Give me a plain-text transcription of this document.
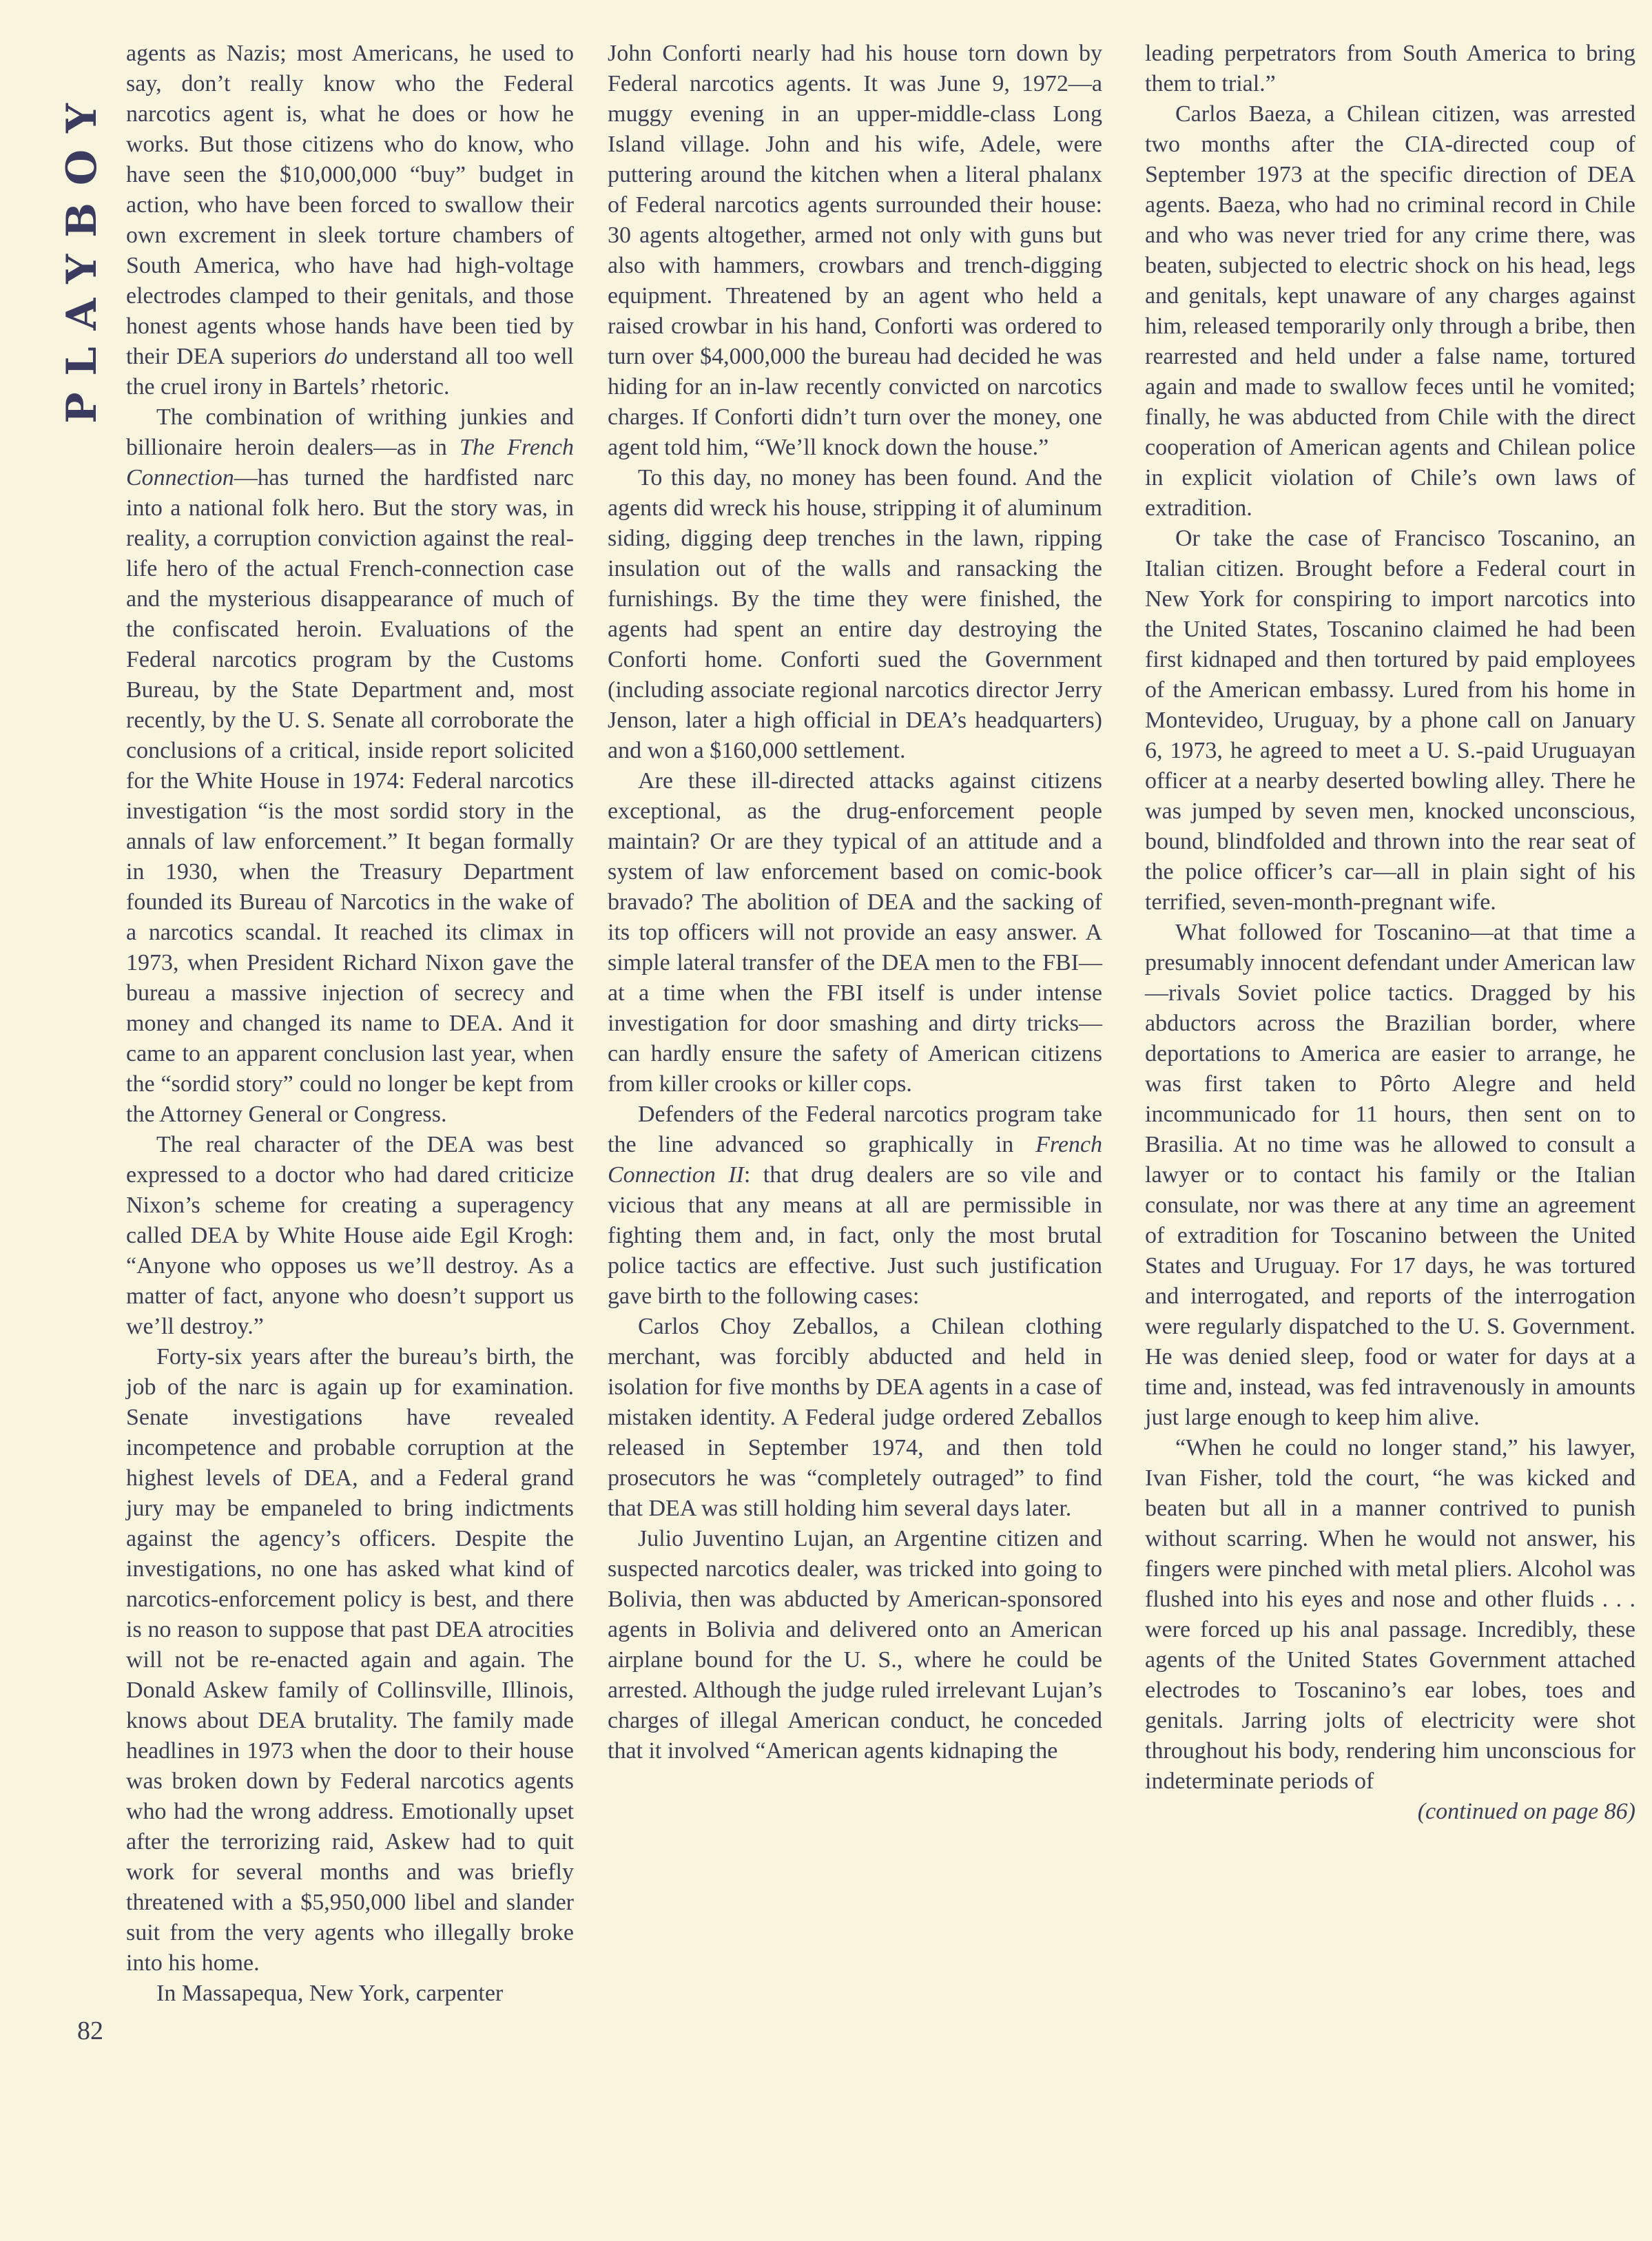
PLAYBOY
82

agents as Nazis; most Americans, he used to say, don’t really know who the Federal narcotics agent is, what he does or how he works. But those citizens who do know, who have seen the $10,000,000 “buy” budget in action, who have been forced to swallow their own excrement in sleek torture chambers of South America, who have had high-voltage electrodes clamped to their genitals, and those honest agents whose hands have been tied by their DEA superiors do understand all too well the cruel irony in Bartels’ rhetoric.

The combination of writhing junkies and billionaire heroin dealers—as in The French Connection—has turned the hardfisted narc into a national folk hero. But the story was, in reality, a corruption conviction against the real-life hero of the actual French-connection case and the mysterious disappearance of much of the confiscated heroin. Evaluations of the Federal narcotics program by the Customs Bureau, by the State Department and, most recently, by the U. S. Senate all corroborate the conclusions of a critical, inside report solicited for the White House in 1974: Federal narcotics investigation “is the most sordid story in the annals of law enforcement.” It began formally in 1930, when the Treasury Department founded its Bureau of Narcotics in the wake of a narcotics scandal. It reached its climax in 1973, when President Richard Nixon gave the bureau a massive injection of secrecy and money and changed its name to DEA. And it came to an apparent conclusion last year, when the “sordid story” could no longer be kept from the Attorney General or Congress.

The real character of the DEA was best expressed to a doctor who had dared criticize Nixon’s scheme for creating a superagency called DEA by White House aide Egil Krogh: “Anyone who opposes us we’ll destroy. As a matter of fact, anyone who doesn’t support us we’ll destroy.”

Forty-six years after the bureau’s birth, the job of the narc is again up for examination. Senate investigations have revealed incompetence and probable corruption at the highest levels of DEA, and a Federal grand jury may be empaneled to bring indictments against the agency’s officers. Despite the investigations, no one has asked what kind of narcotics-enforcement policy is best, and there is no reason to suppose that past DEA atrocities will not be re-enacted again and again. The Donald Askew family of Collinsville, Illinois, knows about DEA brutality. The family made headlines in 1973 when the door to their house was broken down by Federal narcotics agents who had the wrong address. Emotionally upset after the terrorizing raid, Askew had to quit work for several months and was briefly threatened with a $5,950,000 libel and slander suit from the very agents who illegally broke into his home.

In Massapequa, New York, carpenter

John Conforti nearly had his house torn down by Federal narcotics agents. It was June 9, 1972—a muggy evening in an upper-middle-class Long Island village. John and his wife, Adele, were puttering around the kitchen when a literal phalanx of Federal narcotics agents surrounded their house: 30 agents altogether, armed not only with guns but also with hammers, crowbars and trench-digging equipment. Threatened by an agent who held a raised crowbar in his hand, Conforti was ordered to turn over $4,000,000 the bureau had decided he was hiding for an in-law recently convicted on narcotics charges. If Conforti didn’t turn over the money, one agent told him, “We’ll knock down the house.”

To this day, no money has been found. And the agents did wreck his house, stripping it of aluminum siding, digging deep trenches in the lawn, ripping insulation out of the walls and ransacking the furnishings. By the time they were finished, the agents had spent an entire day destroying the Conforti home. Conforti sued the Government (including associate regional narcotics director Jerry Jenson, later a high official in DEA’s headquarters) and won a $160,000 settlement.

Are these ill-directed attacks against citizens exceptional, as the drug-enforcement people maintain? Or are they typical of an attitude and a system of law enforcement based on comic-book bravado? The abolition of DEA and the sacking of its top officers will not provide an easy answer. A simple lateral transfer of the DEA men to the FBI—at a time when the FBI itself is under intense investigation for door smashing and dirty tricks—can hardly ensure the safety of American citizens from killer crooks or killer cops.

Defenders of the Federal narcotics program take the line advanced so graphically in French Connection II: that drug dealers are so vile and vicious that any means at all are permissible in fighting them and, in fact, only the most brutal police tactics are effective. Just such justification gave birth to the following cases:

Carlos Choy Zeballos, a Chilean clothing merchant, was forcibly abducted and held in isolation for five months by DEA agents in a case of mistaken identity. A Federal judge ordered Zeballos released in September 1974, and then told prosecutors he was “completely outraged” to find that DEA was still holding him several days later.

Julio Juventino Lujan, an Argentine citizen and suspected narcotics dealer, was tricked into going to Bolivia, then was abducted by American-sponsored agents in Bolivia and delivered onto an American airplane bound for the U. S., where he could be arrested. Although the judge ruled irrelevant Lujan’s charges of illegal American conduct, he conceded that it involved “American agents kidnaping the

leading perpetrators from South America to bring them to trial.”

Carlos Baeza, a Chilean citizen, was arrested two months after the CIA-directed coup of September 1973 at the specific direction of DEA agents. Baeza, who had no criminal record in Chile and who was never tried for any crime there, was beaten, subjected to electric shock on his head, legs and genitals, kept unaware of any charges against him, released temporarily only through a bribe, then rearrested and held under a false name, tortured again and made to swallow feces until he vomited; finally, he was abducted from Chile with the direct cooperation of American agents and Chilean police in explicit violation of Chile’s own laws of extradition.

Or take the case of Francisco Toscanino, an Italian citizen. Brought before a Federal court in New York for conspiring to import narcotics into the United States, Toscanino claimed he had been first kidnaped and then tortured by paid employees of the American embassy. Lured from his home in Montevideo, Uruguay, by a phone call on January 6, 1973, he agreed to meet a U. S.-paid Uruguayan officer at a nearby deserted bowling alley. There he was jumped by seven men, knocked unconscious, bound, blindfolded and thrown into the rear seat of the police officer’s car—all in plain sight of his terrified, seven-month-pregnant wife.

What followed for Toscanino—at that time a presumably innocent defendant under American law—rivals Soviet police tactics. Dragged by his abductors across the Brazilian border, where deportations to America are easier to arrange, he was first taken to Pôrto Alegre and held incommunicado for 11 hours, then sent on to Brasilia. At no time was he allowed to consult a lawyer or to contact his family or the Italian consulate, nor was there at any time an agreement of extradition for Toscanino between the United States and Uruguay. For 17 days, he was tortured and interrogated, and reports of the interrogation were regularly dispatched to the U. S. Government. He was denied sleep, food or water for days at a time and, instead, was fed intravenously in amounts just large enough to keep him alive.

“When he could no longer stand,” his lawyer, Ivan Fisher, told the court, “he was kicked and beaten but all in a manner contrived to punish without scarring. When he would not answer, his fingers were pinched with metal pliers. Alcohol was flushed into his eyes and nose and other fluids . . . were forced up his anal passage. Incredibly, these agents of the United States Government attached electrodes to Toscanino’s ear lobes, toes and genitals. Jarring jolts of electricity were shot throughout his body, rendering him unconscious for indeterminate periods of

(continued on page 86)
